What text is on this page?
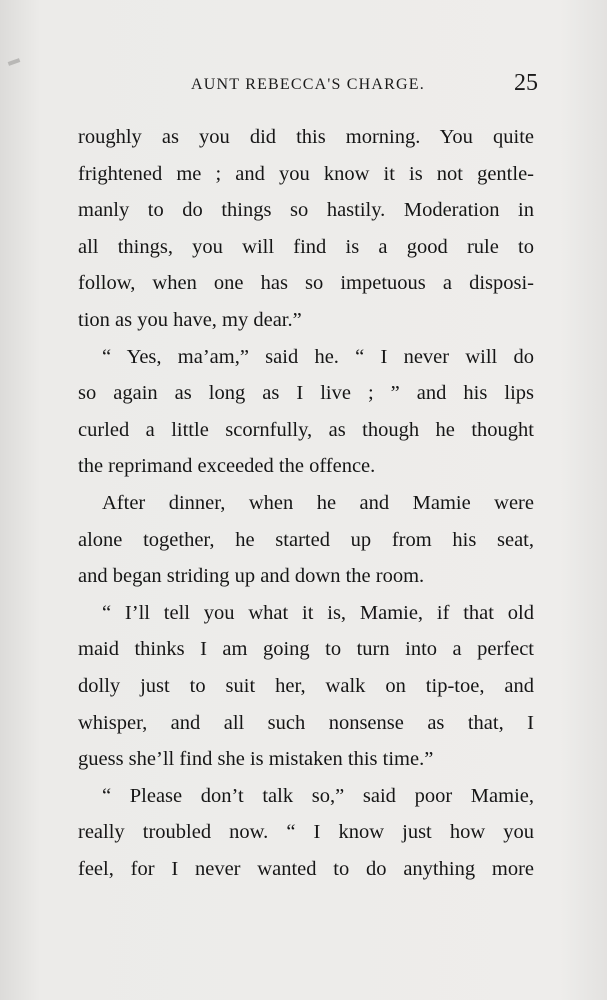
AUNT REBECCA'S CHARGE.	25
roughly as you did this morning. You quite
frightened me ; and you know it is not gentle-
manly to do things so hastily. Moderation in
all things, you will find is a good rule to
follow, when one has so impetuous a disposi-
tion as you have, my dear.”
“ Yes, ma’am,” said he. “ I never will do
so again as long as I live ; ” and his lips
curled a little scornfully, as though he thought
the reprimand exceeded the offence.
After dinner, when he and Mamie were
alone together, he started up from his seat,
and began striding up and down the room.
“ I’ll tell you what it is, Mamie, if that old
maid thinks I am going to turn into a perfect
dolly just to suit her, walk on tip-toe, and
whisper, and all such nonsense as that, I
guess she’ll find she is mistaken this time.”
“ Please don’t talk so,” said poor Mamie,
really troubled now. “ I know just how you
feel, for I never wanted to do anything more
